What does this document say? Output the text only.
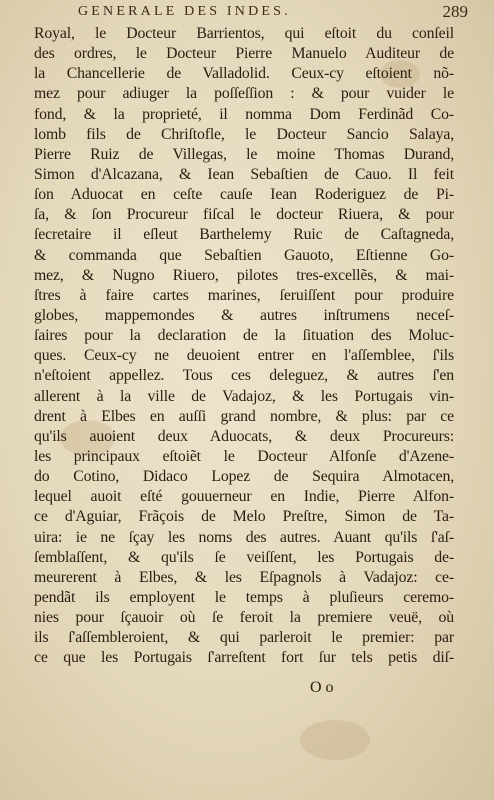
GENERALE DES INDES.	289
Royal, le Docteur Barrientos, qui eſtoit du conſeil
des ordres, le Docteur Pierre Manuelo Auditeur de
la Chancellerie de Valladolid. Ceux-cy eſtoient nõ-
mez pour adiuger la poſſeſſion : & pour vuider le
fond, & la proprieté, il nomma Dom Ferdinãd Co-
lomb fils de Chriſtofle, le Docteur Sancio Salaya,
Pierre Ruiz de Villegas, le moine Thomas Durand,
Simon d'Alcazana, & Iean Sebaſtien de Cauo. Il feit
ſon Aduocat en ceſte cauſe Iean Roderiguez de Pi-
ſa, & ſon Procureur fiſcal le docteur Riuera, & pour
ſecretaire il eſleut Barthelemy Ruic de Caſtagneda,
& commanda que Sebaſtien Gauoto, Eſtienne Go-
mez, & Nugno Riuero, pilotes tres-excellẽs, & mai-
ſtres à faire cartes marines, ſeruiſſent pour produire
globes, mappemondes & autres inſtrumens neceſ-
ſaires pour la declaration de la ſituation des Moluc-
ques. Ceux-cy ne deuoient entrer en l'aſſemblee, ſ'ils
n'eſtoient appellez. Tous ces deleguez, & autres ſ'en
allerent à la ville de Vadajoz, & les Portugais vin-
drent à Elbes en auſſi grand nombre, & plus: par ce
qu'ils auoient deux Aduocats, & deux Procureurs:
les principaux eſtoiẽt le Docteur Alfonſe d'Azene-
do Cotino, Didaco Lopez de Sequira Almotacen,
lequel auoit eſté gouuerneur en Indie, Pierre Alfon-
ce d'Aguiar, Frãçois de Melo Preſtre, Simon de Ta-
uira: ie ne ſçay les noms des autres. Auant qu'ils ſ'aſ-
ſemblaſſent, & qu'ils ſe veiſſent, les Portugais de-
meurerent à Elbes, & les Eſpagnols à Vadajoz: ce-
pendãt ils employent le temps à pluſieurs ceremo-
nies pour ſçauoir où ſe feroit la premiere veuë, où
ils ſ'aſſembleroient, & qui parleroit le premier: par
ce que les Portugais ſ'arreſtent fort ſur tels petis diſ-
Oo
